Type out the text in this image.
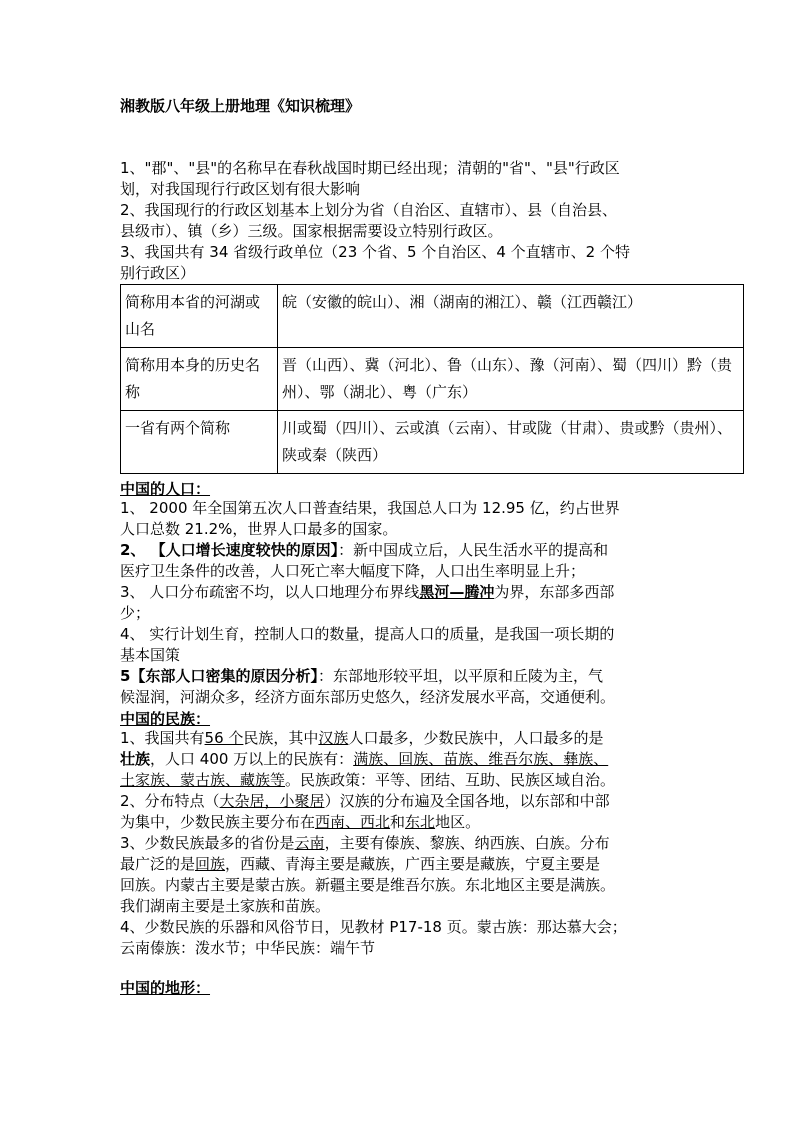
湘教版八年级上册地理《知识梳理》

1、"郡"、"县"的名称早在春秋战国时期已经出现；清朝的"省"、"县"行政区

划，对我国现行行政区划有很大影响

2、我国现行的行政区划基本上划分为省（自治区、直辖市）、县（自治县、

县级市）、镇（乡）三级。国家根据需要设立特别行政区。

3、我国共有 34 省级行政单位（23 个省、5 个自治区、4 个直辖市、2 个特

别行政区）

简称用本省的河湖或山名	皖（安徽的皖山）、湘（湖南的湘江）、赣（江西赣江）
简称用本身的历史名称	晋（山西）、冀（河北）、鲁（山东）、豫（河南）、蜀（四川）黔（贵州）、鄂（湖北）、粤（广东）
一省有两个简称	川或蜀（四川）、云或滇（云南）、甘或陇（甘肃）、贵或黔（贵州）、陕或秦（陕西）
中国的人口：

1、 2000 年全国第五次人口普查结果，我国总人口为 12.95 亿，约占世界

人口总数 21.2%，世界人口最多的国家。

2、 【人口增长速度较快的原因】：新中国成立后，人民生活水平的提高和

医疗卫生条件的改善，人口死亡率大幅度下降，人口出生率明显上升；

3、 人口分布疏密不均，以人口地理分布界线黑河—腾冲为界，东部多西部

少；

4、 实行计划生育，控制人口的数量，提高人口的质量，是我国一项长期的

基本国策

5【东部人口密集的原因分析】：东部地形较平坦，以平原和丘陵为主，气

候湿润，河湖众多，经济方面东部历史悠久，经济发展水平高，交通便利。

中国的民族：

1、我国共有56 个民族，其中汉族人口最多，少数民族中，人口最多的是

壮族，人口 400 万以上的民族有：满族、回族、苗族、维吾尔族、彝族、

土家族、蒙古族、藏族等。民族政策：平等、团结、互助、民族区域自治。

2、分布特点（大杂居，小聚居）汉族的分布遍及全国各地，以东部和中部

为集中，少数民族主要分布在西南、西北和东北地区。

3、少数民族最多的省份是云南，主要有傣族、黎族、纳西族、白族。分布

最广泛的是回族，西藏、青海主要是藏族，广西主要是藏族，宁夏主要是

回族。内蒙古主要是蒙古族。新疆主要是维吾尔族。东北地区主要是满族。

我们湖南主要是土家族和苗族。

4、少数民族的乐器和风俗节日，见教材 P17-18 页。蒙古族：那达慕大会；

云南傣族：泼水节；中华民族：端午节

中国的地形：
